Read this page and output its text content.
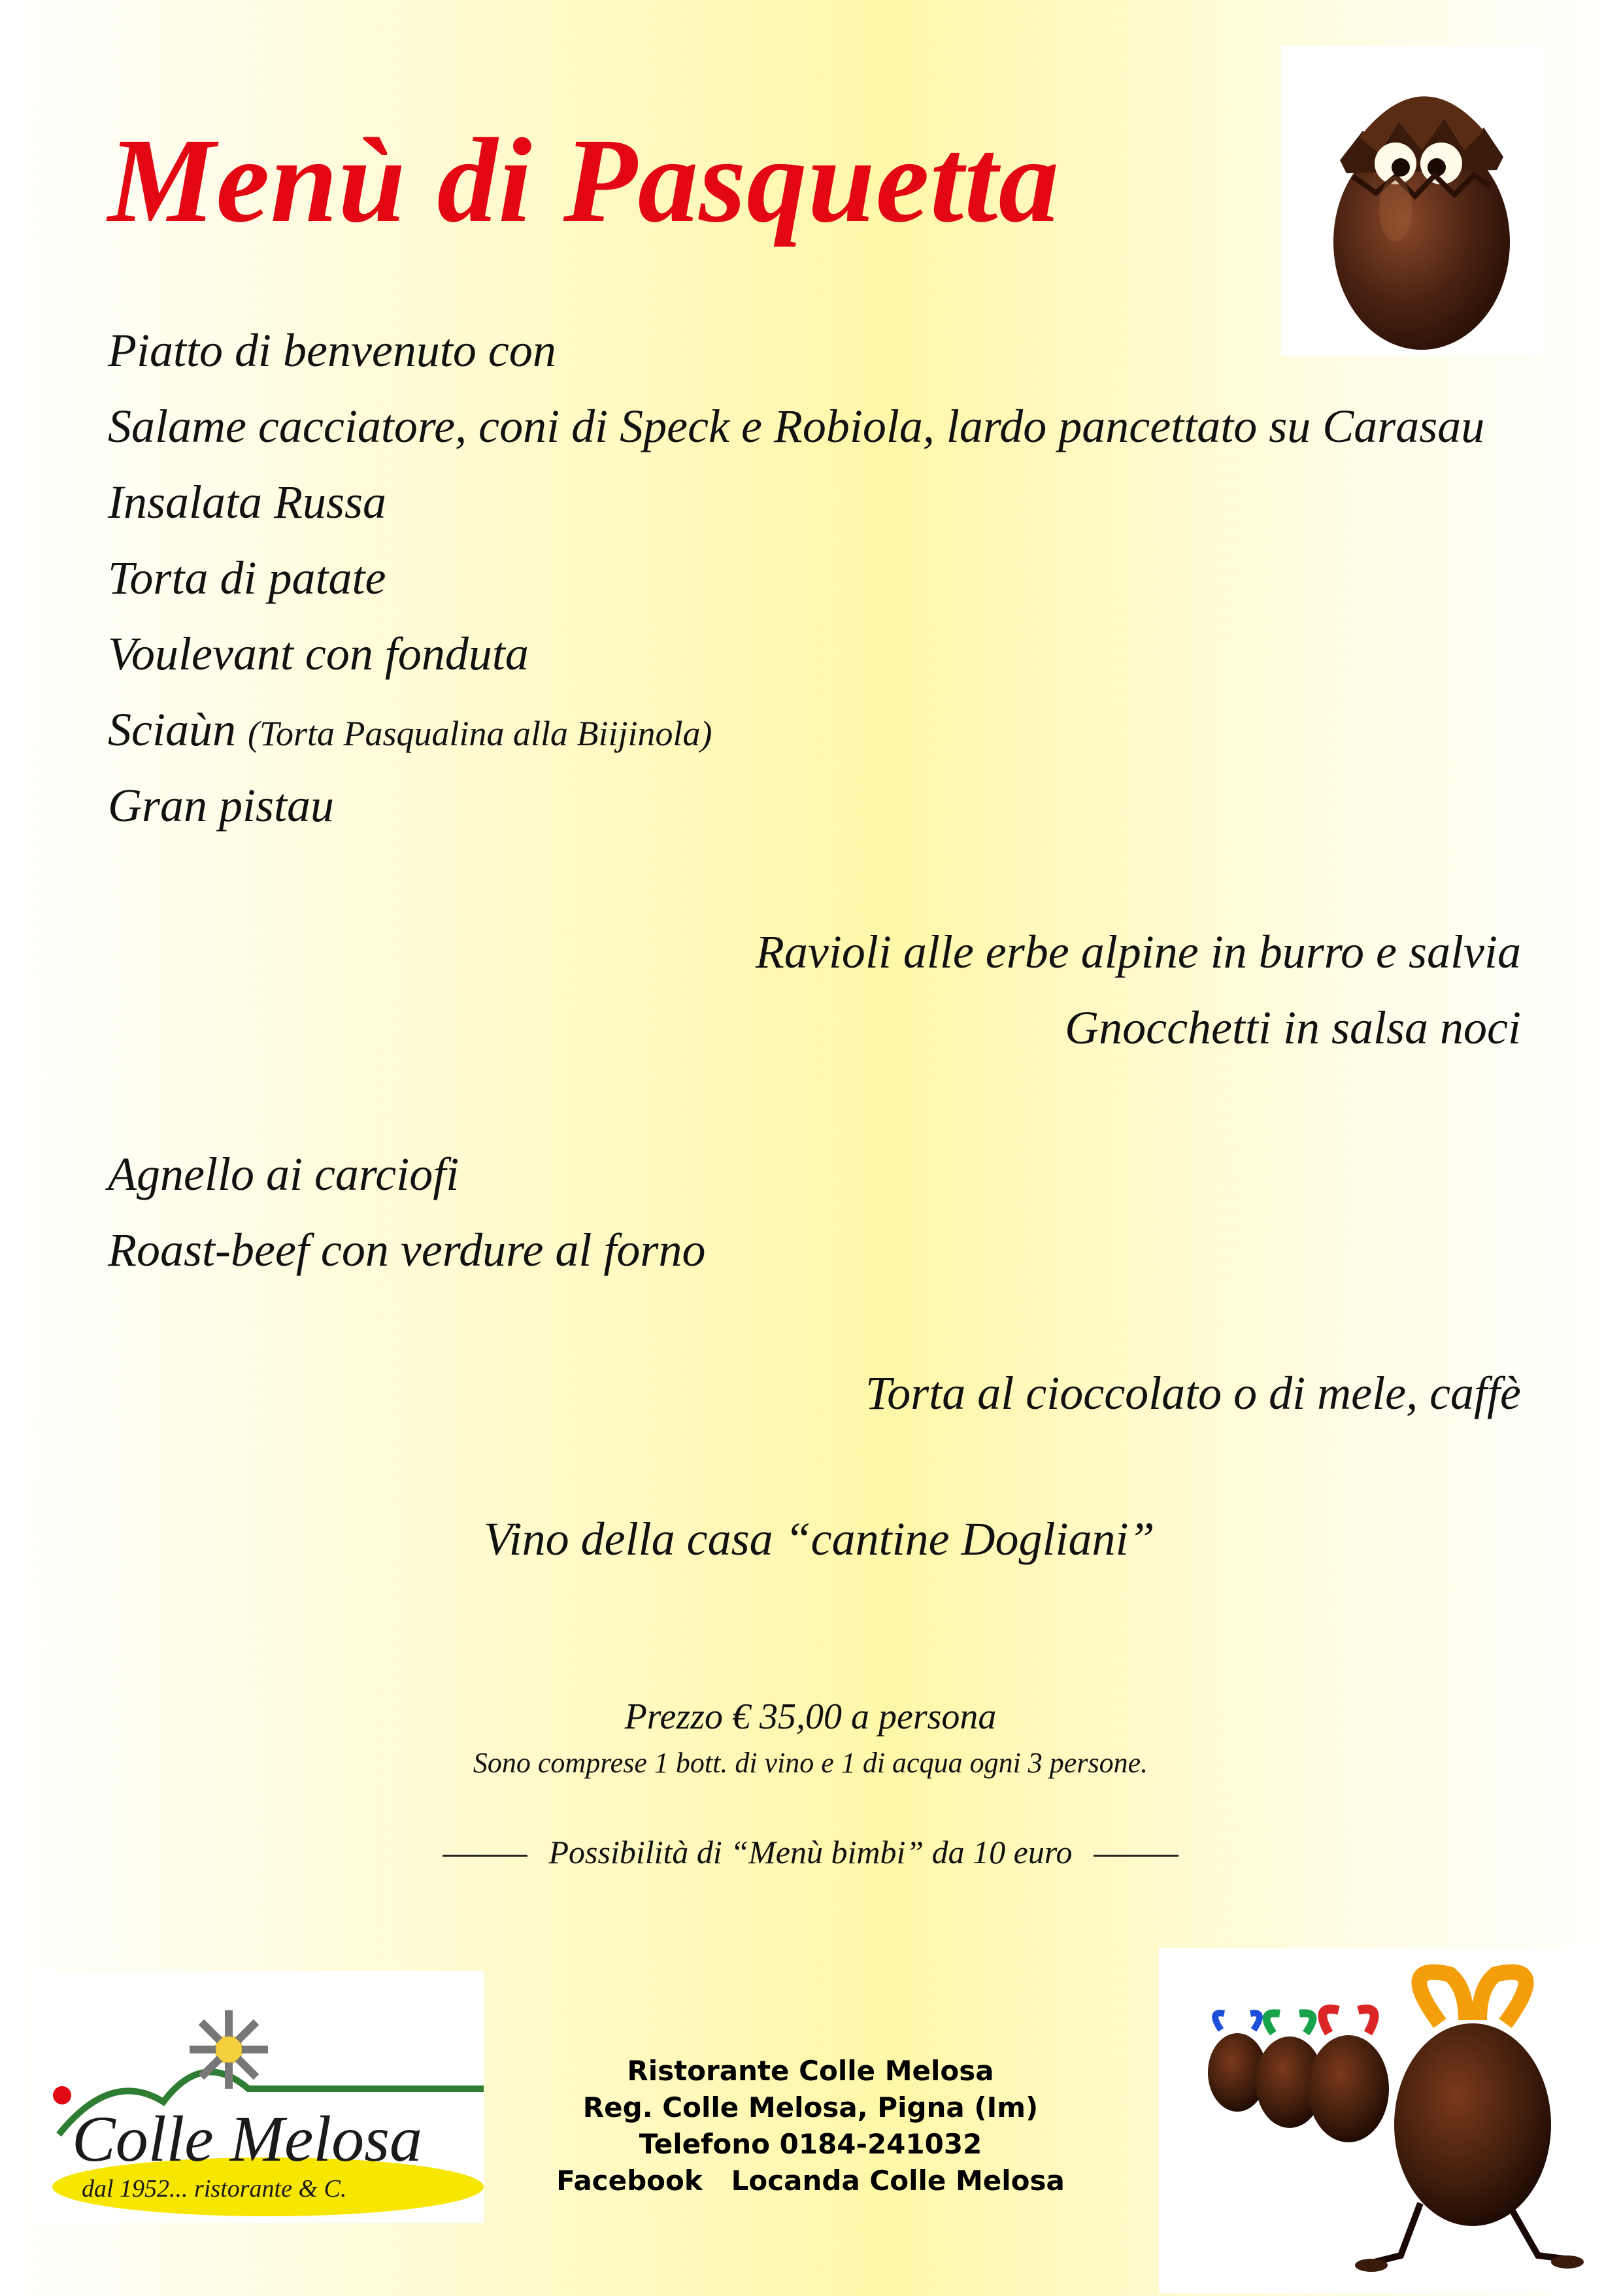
Menù di Pasquetta
Piatto di benvenuto con
Salame cacciatore, coni di Speck e Robiola, lardo pancettato su Carasau
Insalata Russa
Torta di patate
Voulevant con fonduta
Sciaùn (Torta Pasqualina alla Biijinola)
Gran pistau
Ravioli alle erbe alpine in burro e salvia
Gnocchetti in salsa noci
Agnello ai carciofi
Roast-beef con verdure al forno
Torta al cioccolato o di mele, caffè
Vino della casa “cantine Dogliani”
Prezzo € 35,00 a persona
Sono comprese 1 bott. di vino e 1 di acqua ogni 3 persone.
Possibilità di “Menù bimbi” da 10 euro
Colle Melosa
dal 1952... ristorante & C.
Ristorante Colle Melosa
Reg. Colle Melosa, Pigna (Im)
Telefono 0184-241032
Facebook   Locanda Colle Melosa
